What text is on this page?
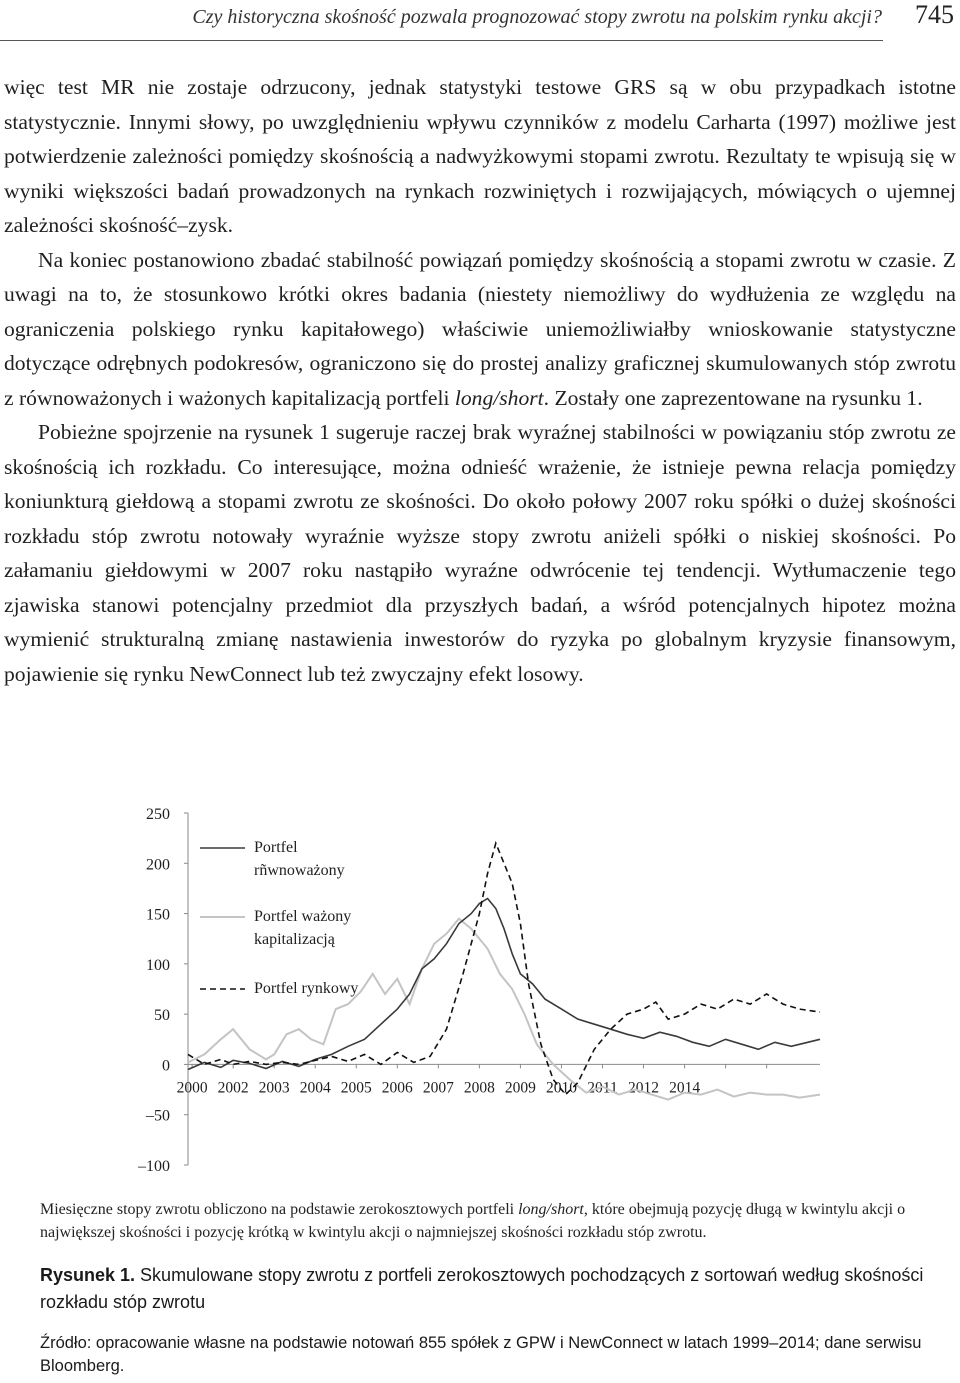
Czy historyczna skośność pozwala prognozować stopy zwrotu na polskim rynku akcji? 745

więc test MR nie zostaje odrzucony, jednak statystyki testowe GRS są w obu przypadkach istotne statystycznie. Innymi słowy, po uwzględnieniu wpływu czynników z modelu Carharta (1997) możliwe jest potwierdzenie zależności pomiędzy skośnością a nadwyżkowymi stopami zwrotu. Rezultaty te wpisują się w wyniki większości badań prowadzonych na rynkach rozwiniętych i rozwijających, mówiących o ujemnej zależności skośność–zysk.

Na koniec postanowiono zbadać stabilność powiązań pomiędzy skośnością a stopami zwrotu w czasie. Z uwagi na to, że stosunkowo krótki okres badania (niestety niemożliwy do wydłużenia ze względu na ograniczenia polskiego rynku kapitałowego) właściwie uniemożliwiałby wnioskowanie statystyczne dotyczące odrębnych podokresów, ograniczono się do prostej analizy graficznej skumulowanych stóp zwrotu z równoważonych i ważonych kapitalizacją portfeli long/short. Zostały one zaprezentowane na rysunku 1.

Pobieżne spojrzenie na rysunek 1 sugeruje raczej brak wyraźnej stabilności w powiązaniu stóp zwrotu ze skośnością ich rozkładu. Co interesujące, można odnieść wrażenie, że istnieje pewna relacja pomiędzy koniunkturą giełdową a stopami zwrotu ze skośności. Do około połowy 2007 roku spółki o dużej skośności rozkładu stóp zwrotu notowały wyraźnie wyższe stopy zwrotu aniżeli spółki o niskiej skośności. Po załamaniu giełdowymi w 2007 roku nastąpiło wyraźne odwrócenie tej tendencji. Wytłumaczenie tego zjawiska stanowi potencjalny przedmiot dla przyszłych badań, a wśród potencjalnych hipotez można wymienić strukturalną zmianę nastawienia inwestorów do ryzyka po globalnym kryzysie finansowym, pojawienie się rynku NewConnect lub też zwyczajny efekt losowy.

250
200
150
100
50
0
–50
–100
2000 2002 2003 2004 2005 2006 2007 2008 2009 2010 2011 2012 2014
Portfel
rñwnoważony
Portfel ważony
kapitalizacją
Portfel rynkowy
Miesięczne stopy zwrotu obliczono na podstawie zerokosztowych portfeli long/short, które obejmują pozycję długą w kwintylu akcji o największej skośności i pozycję krótką w kwintylu akcji o najmniejszej skośności rozkładu stóp zwrotu.
Rysunek 1. Skumulowane stopy zwrotu z portfeli zerokosztowych pochodzących z sortowań według skośności rozkładu stóp zwrotu
Źródło: opracowanie własne na podstawie notowań 855 spółek z GPW i NewConnect w latach 1999–2014; dane serwisu Bloomberg.
